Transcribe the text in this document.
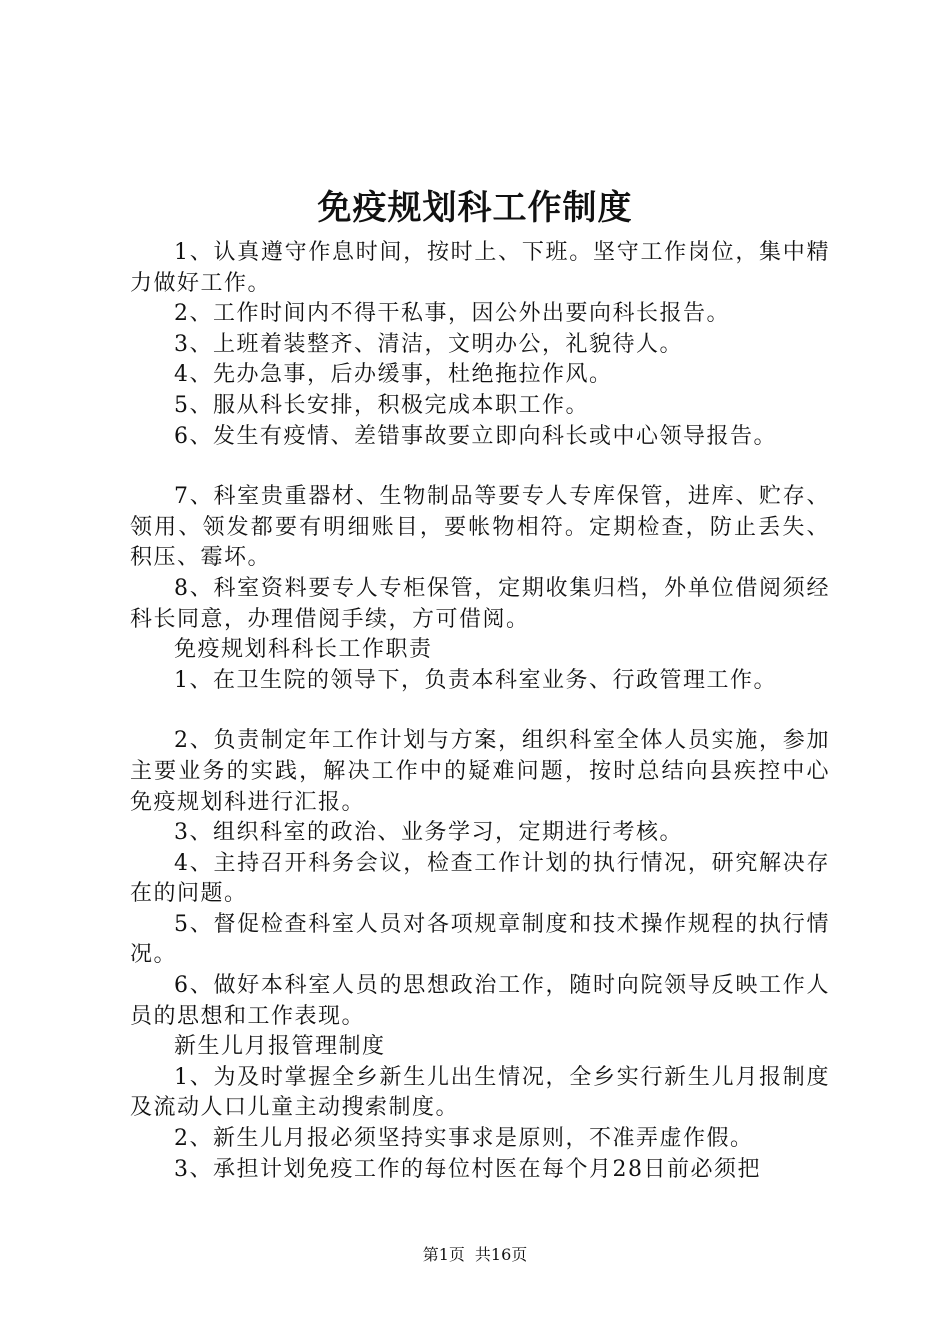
免疫规划科工作制度

1、认真遵守作息时间，按时上、下班。坚守工作岗位，集中精力做好工作。

2、工作时间内不得干私事，因公外出要向科长报告。

3、上班着装整齐、清洁，文明办公，礼貌待人。

4、先办急事，后办缓事，杜绝拖拉作风。

5、服从科长安排，积极完成本职工作。

6、发生有疫情、差错事故要立即向科长或中心领导报告。

7、科室贵重器材、生物制品等要专人专库保管，进库、贮存、领用、领发都要有明细账目，要帐物相符。定期检查，防止丢失、积压、霉坏。

8、科室资料要专人专柜保管，定期收集归档，外单位借阅须经科长同意，办理借阅手续，方可借阅。

免疫规划科科长工作职责

1、在卫生院的领导下，负责本科室业务、行政管理工作。

2、负责制定年工作计划与方案，组织科室全体人员实施，参加主要业务的实践，解决工作中的疑难问题，按时总结向县疾控中心免疫规划科进行汇报。

3、组织科室的政治、业务学习，定期进行考核。

4、主持召开科务会议，检查工作计划的执行情况，研究解决存在的问题。

5、督促检查科室人员对各项规章制度和技术操作规程的执行情况。

6、做好本科室人员的思想政治工作，随时向院领导反映工作人员的思想和工作表现。

新生儿月报管理制度

1、为及时掌握全乡新生儿出生情况，全乡实行新生儿月报制度及流动人口儿童主动搜索制度。

2、新生儿月报必须坚持实事求是原则，不准弄虚作假。

3、承担计划免疫工作的每位村医在每个月28日前必须把

第1页 共16页
